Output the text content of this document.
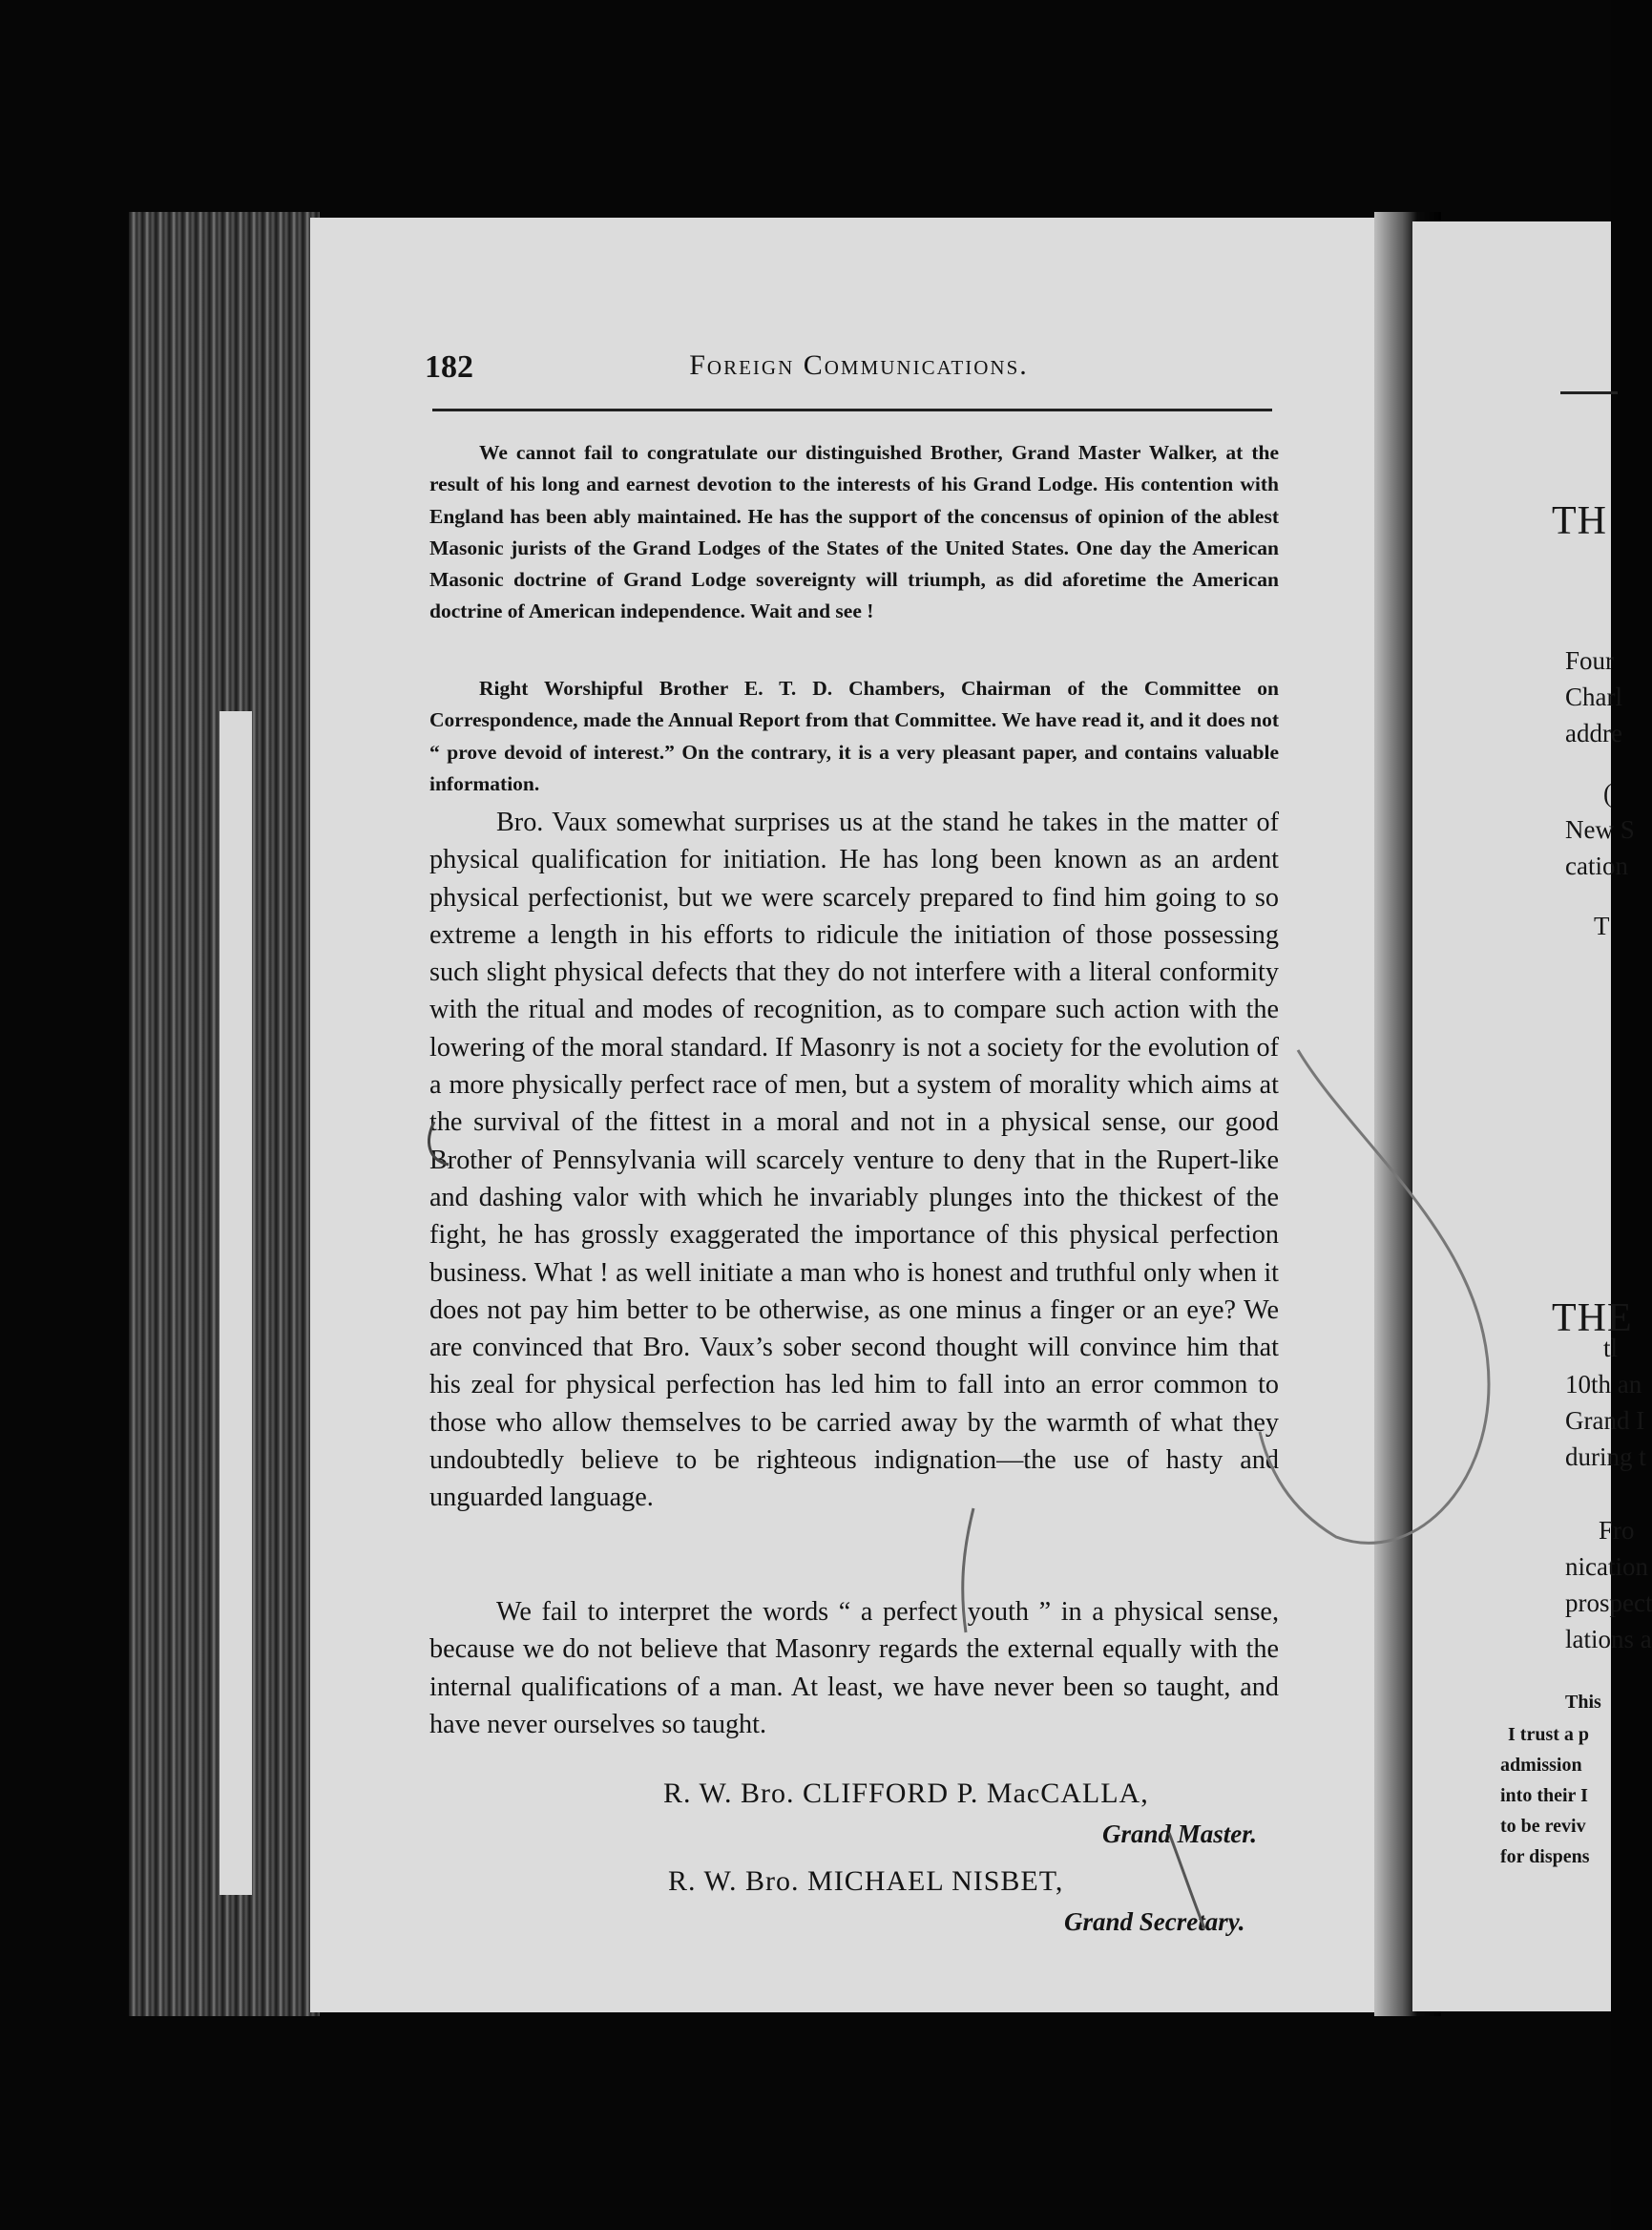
182	Foreign Communications.

We cannot fail to congratulate our distinguished Brother, Grand Master Walker, at the result of his long and earnest devotion to the interests of his Grand Lodge. His contention with England has been ably maintained. He has the support of the concensus of opinion of the ablest Masonic jurists of the Grand Lodges of the States of the United States. One day the American Masonic doctrine of Grand Lodge sovereignty will triumph, as did aforetime the American doctrine of American independence. Wait and see !

Right Worshipful Brother E. T. D. Chambers, Chairman of the Committee on Correspondence, made the Annual Report from that Committee. We have read it, and it does not “ prove devoid of interest.” On the contrary, it is a very pleasant paper, and contains valuable information.

Bro. Vaux somewhat surprises us at the stand he takes in the matter of physical qualification for initiation. He has long been known as an ardent physical perfectionist, but we were scarcely prepared to find him going to so extreme a length in his efforts to ridicule the initiation of those possessing such slight physical defects that they do not interfere with a literal conformity with the ritual and modes of recognition, as to compare such action with the lowering of the moral standard. If Masonry is not a society for the evolution of a more physically perfect race of men, but a system of morality which aims at the survival of the fittest in a moral and not in a physical sense, our good Brother of Pennsylvania will scarcely venture to deny that in the Rupert-like and dashing valor with which he invariably plunges into the thickest of the fight, he has grossly exaggerated the importance of this physical perfection business. What ! as well initiate a man who is honest and truthful only when it does not pay him better to be otherwise, as one minus a finger or an eye? We are convinced that Bro. Vaux’s sober second thought will convince him that his zeal for physical perfection has led him to fall into an error common to those who allow themselves to be carried away by the warmth of what they undoubtedly believe to be righteous indignation—the use of hasty and unguarded language.

We fail to interpret the words “ a perfect youth ” in a physical sense, because we do not believe that Masonry regards the external equally with the internal qualifications of a man. At least, we have never been so taught, and have never ourselves so taught.

R. W. Bro. CLIFFORD P. MacCALLA,
Grand Master.
R. W. Bro. MICHAEL NISBET,
Grand Secretary.
TH
Four
Charl
addre
(
New S
cation
T
THE
tl
10th an
Grand I
during t
Fro
nication
prospect
lations a
This
I trust a p
admission
into their I
to be reviv
for dispens
